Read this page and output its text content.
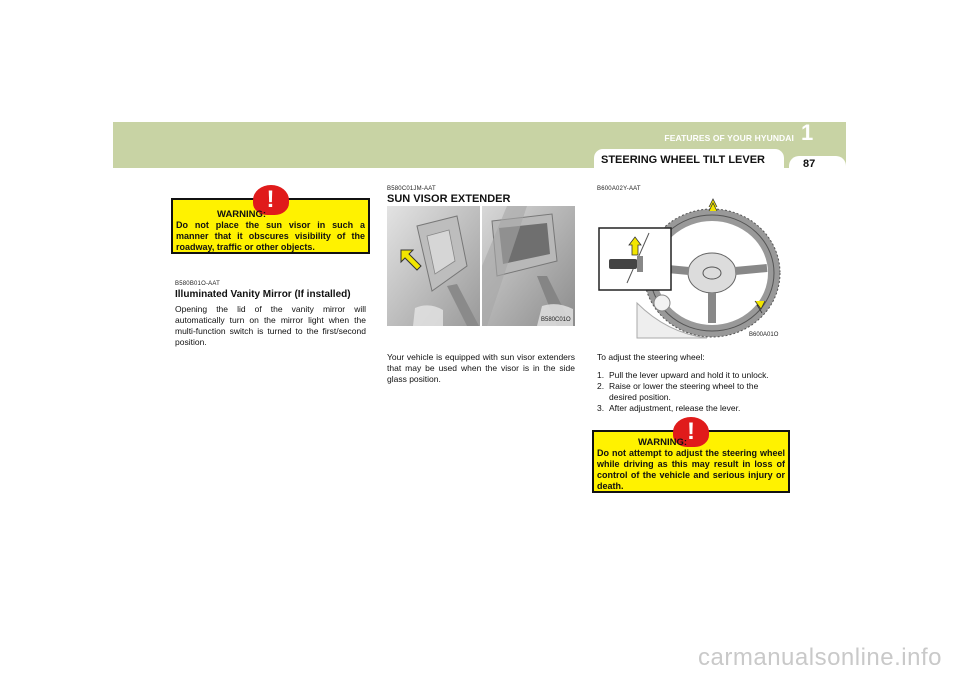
1
FEATURES OF YOUR HYUNDAI
STEERING WHEEL TILT LEVER	87
!
WARNING:
Do not place the sun visor in such a manner that it obscures visibility of the roadway, traffic or other objects.
B580B01O-AAT
Illuminated Vanity Mirror (If installed)
Opening the lid of the vanity mirror will automatically turn on the mirror light when the multi-function switch is turned to the first/second position.
B580C01JM-AAT
SUN VISOR EXTENDER
B580C01O
Your vehicle is equipped with sun visor extenders that may be used when the visor is in the side glass position.
B600A02Y-AAT
B600A01O
To adjust the steering wheel:
1. Pull the lever upward and hold it to unlock.
2. Raise or lower the steering wheel to the desired position.
3. After adjustment, release the lever.
!
WARNING:
Do not attempt to adjust the steering wheel while driving as this may result in loss of control of the vehicle and serious injury or death.
carmanualsonline.info
